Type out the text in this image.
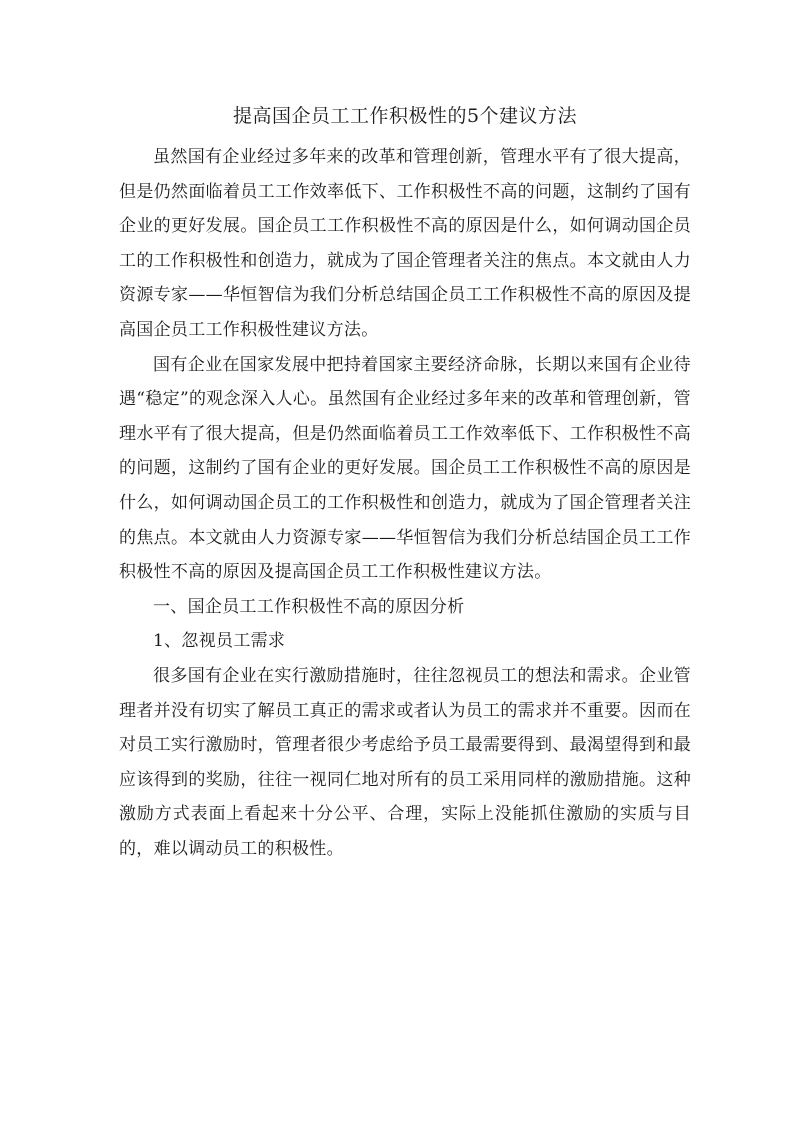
提高国企员工工作积极性的5个建议方法

虽然国有企业经过多年来的改革和管理创新，管理水平有了很大提高，但是仍然面临着员工工作效率低下、工作积极性不高的问题，这制约了国有企业的更好发展。国企员工工作积极性不高的原因是什么，如何调动国企员工的工作积极性和创造力，就成为了国企管理者关注的焦点。本文就由人力资源专家——华恒智信为我们分析总结国企员工工作积极性不高的原因及提高国企员工工作积极性建议方法。

国有企业在国家发展中把持着国家主要经济命脉，长期以来国有企业待遇“稳定”的观念深入人心。虽然国有企业经过多年来的改革和管理创新，管理水平有了很大提高，但是仍然面临着员工工作效率低下、工作积极性不高的问题，这制约了国有企业的更好发展。国企员工工作积极性不高的原因是什么，如何调动国企员工的工作积极性和创造力，就成为了国企管理者关注的焦点。本文就由人力资源专家——华恒智信为我们分析总结国企员工工作积极性不高的原因及提高国企员工工作积极性建议方法。

一、国企员工工作积极性不高的原因分析

1、忽视员工需求

很多国有企业在实行激励措施时，往往忽视员工的想法和需求。企业管理者并没有切实了解员工真正的需求或者认为员工的需求并不重要。因而在对员工实行激励时，管理者很少考虑给予员工最需要得到、最渴望得到和最应该得到的奖励，往往一视同仁地对所有的员工采用同样的激励措施。这种激励方式表面上看起来十分公平、合理，实际上没能抓住激励的实质与目的，难以调动员工的积极性。
